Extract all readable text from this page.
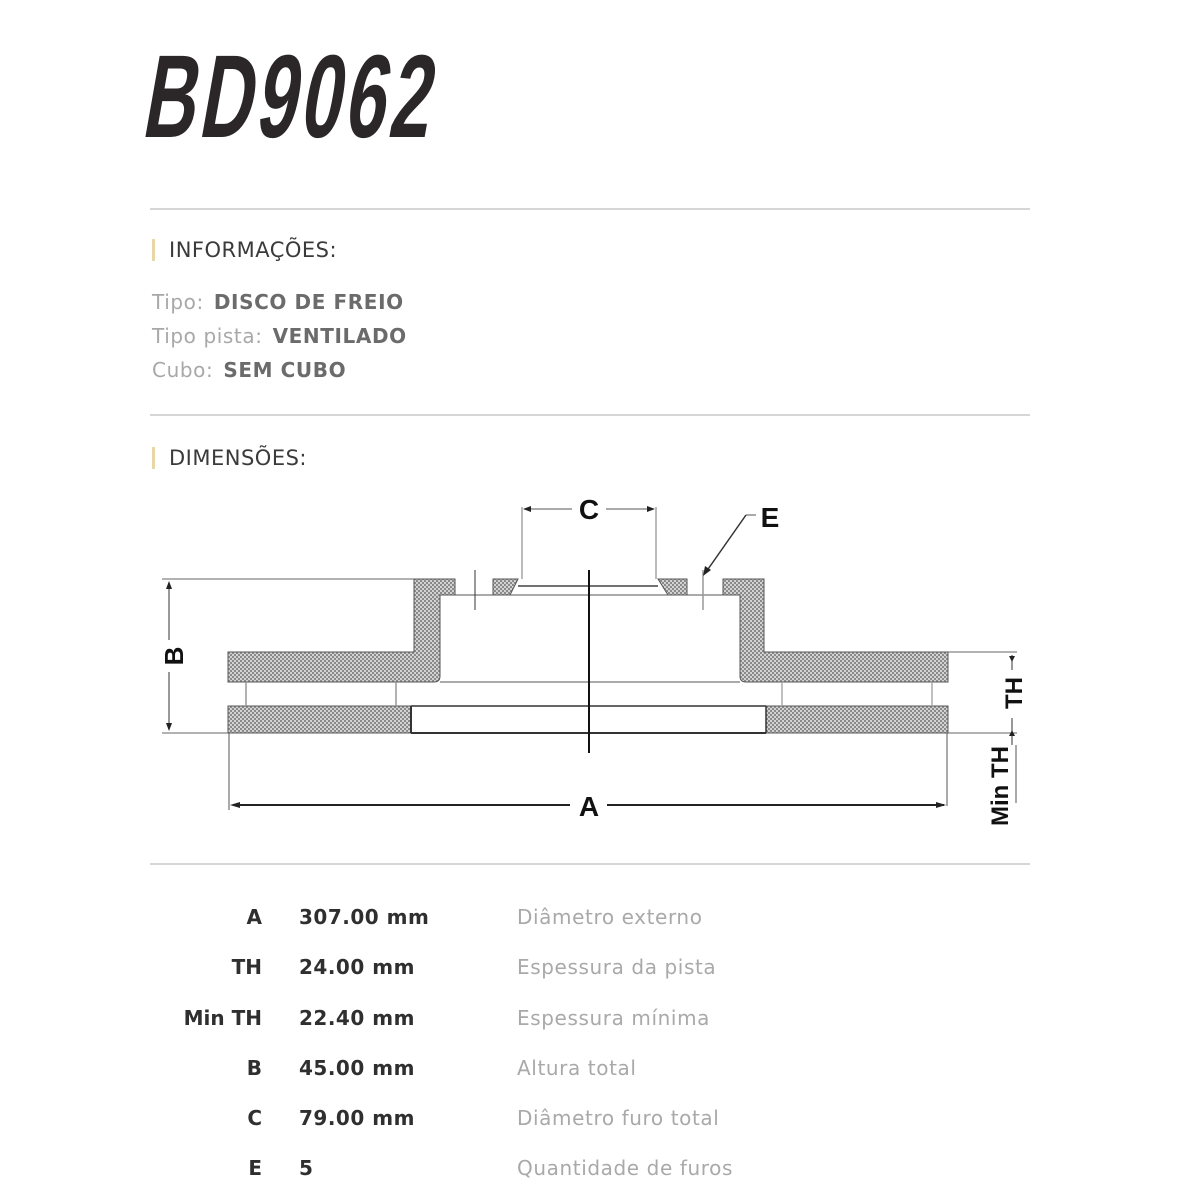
BD9062
INFORMAÇÕES:
Tipo: DISCO DE FREIO
Tipo pista: VENTILADO
Cubo: SEM CUBO
DIMENSÕES:
B
C	E
A
TH
Min TH
A 307.00 mm	Diâmetro externo
TH 24.00 mm	Espessura da pista
Min TH 22.40 mm	Espessura mínima
B 45.00 mm	Altura total
C 79.00 mm	Diâmetro furo total
E 5	Quantidade de furos
